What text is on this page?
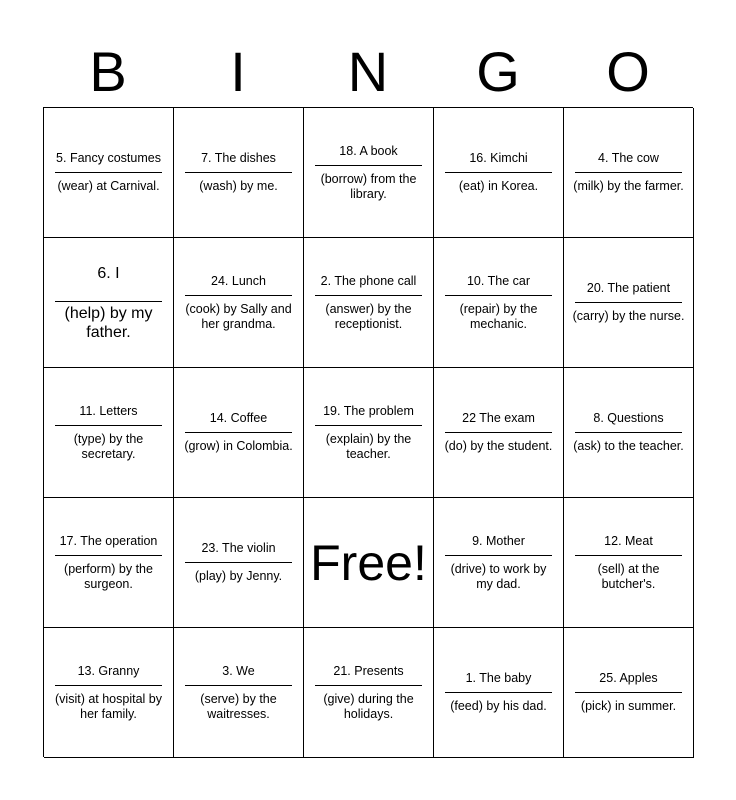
B	I	N	G	O
5. Fancy costumes
(wear) at Carnival.
7. The dishes
(wash) by me.
18. A book
(borrow) from the library.
16. Kimchi
(eat) in Korea.
4. The cow
(milk) by the farmer.
6. I
(help) by my father.
24. Lunch
(cook) by Sally and her grandma.
2. The phone call
(answer) by the receptionist.
10. The car
(repair) by the mechanic.
20. The patient
(carry) by the nurse.
11. Letters
(type) by the secretary.
14. Coffee
(grow) in Colombia.
19. The problem
(explain) by the teacher.
22 The exam
(do) by the student.
8. Questions
(ask) to the teacher.
17. The operation
(perform) by the surgeon.
23. The violin
(play) by Jenny. Free!	9. Mother
(drive) to work by my dad.
12. Meat
(sell) at the butcher's.
13. Granny
(visit) at hospital by her family.
3. We
(serve) by the waitresses.
21. Presents
(give) during the holidays.
1. The baby
(feed) by his dad.
25. Apples
(pick) in summer.
